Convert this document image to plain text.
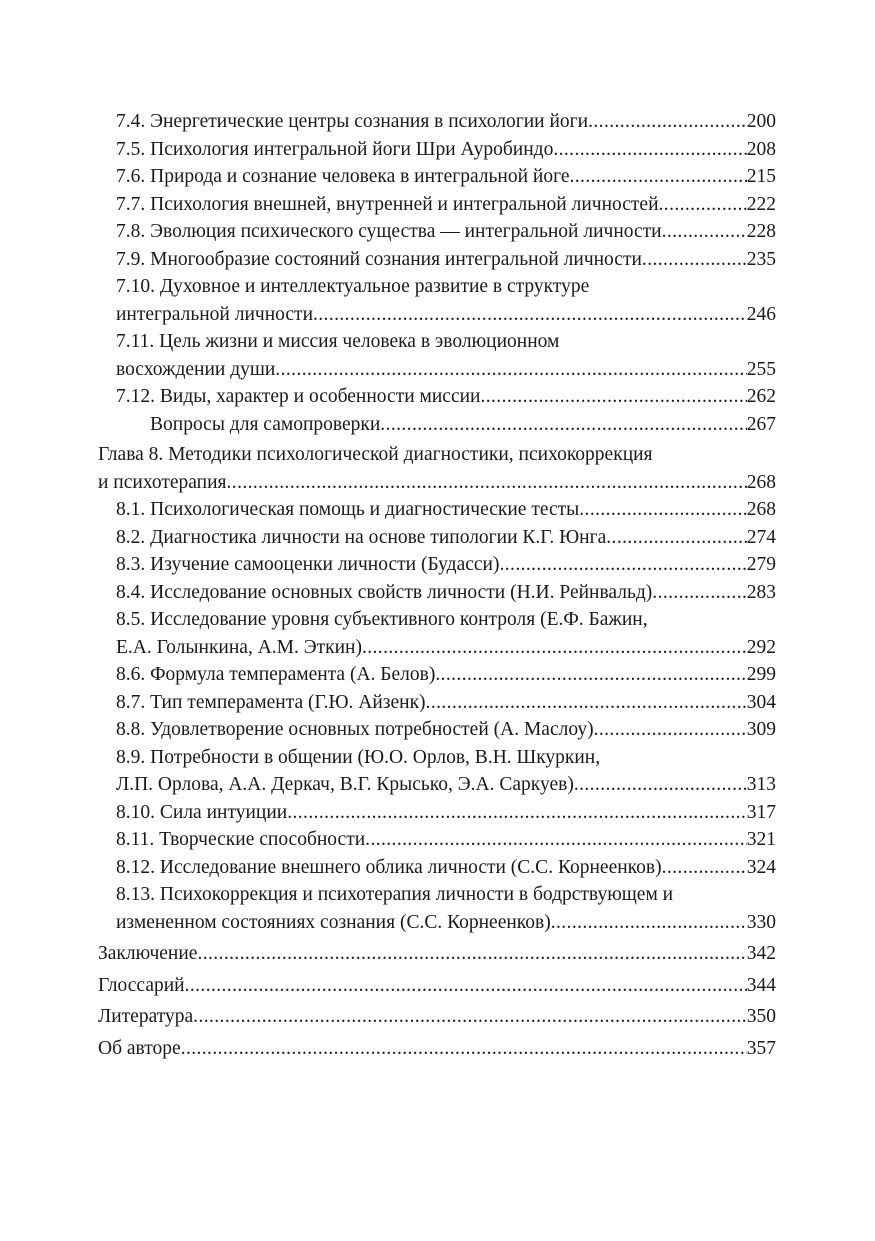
7.4. Энергетические центры сознания в психологии йоги .....	200
7.5. Психология интегральной йоги Шри Ауробиндо .....	208
7.6. Природа и сознание человека в интегральной йоге .....	215
7.7. Психология внешней, внутренней и интегральной личностей .....	222
7.8. Эволюция психического существа — интегральной личности .....	228
7.9. Многообразие состояний сознания интегральной личности .....	235
7.10. Духовное и интеллектуальное развитие в структуре
интегральной личности .....	246
7.11. Цель жизни и миссия человека в эволюционном
восхождении души .....	255
7.12. Виды, характер и особенности миссии .....	262
Вопросы для самопроверки .....	267
Глава 8. Методики психологической диагностики, психокоррекция
и психотерапия .....	268
8.1. Психологическая помощь и диагностические тесты .....	268
8.2. Диагностика личности на основе типологии К.Г. Юнга .....	274
8.3. Изучение самооценки личности (Будасси) .....	279
8.4. Исследование основных свойств личности (Н.И. Рейнвальд) .....	283
8.5. Исследование уровня субъективного контроля (Е.Ф. Бажин,
Е.А. Голынкина, А.М. Эткин) .....	292
8.6. Формула темперамента (А. Белов) .....	299
8.7. Тип темперамента (Г.Ю. Айзенк) .....	304
8.8. Удовлетворение основных потребностей (А. Маслоу) .....	309
8.9. Потребности в общении (Ю.О. Орлов, В.Н. Шкуркин,
Л.П. Орлова, А.А. Деркач, В.Г. Крысько, Э.А. Саркуев) .....	313
8.10. Сила интуиции .....	317
8.11. Творческие способности .....	321
8.12. Исследование внешнего облика личности (С.С. Корнеенков) .....	324
8.13. Психокоррекция и психотерапия личности в бодрствующем и
измененном состояниях сознания (С.С. Корнеенков) .....	330
Заключение .....	342
Глоссарий .....	344
Литература .....	350
Об авторе .....	357
